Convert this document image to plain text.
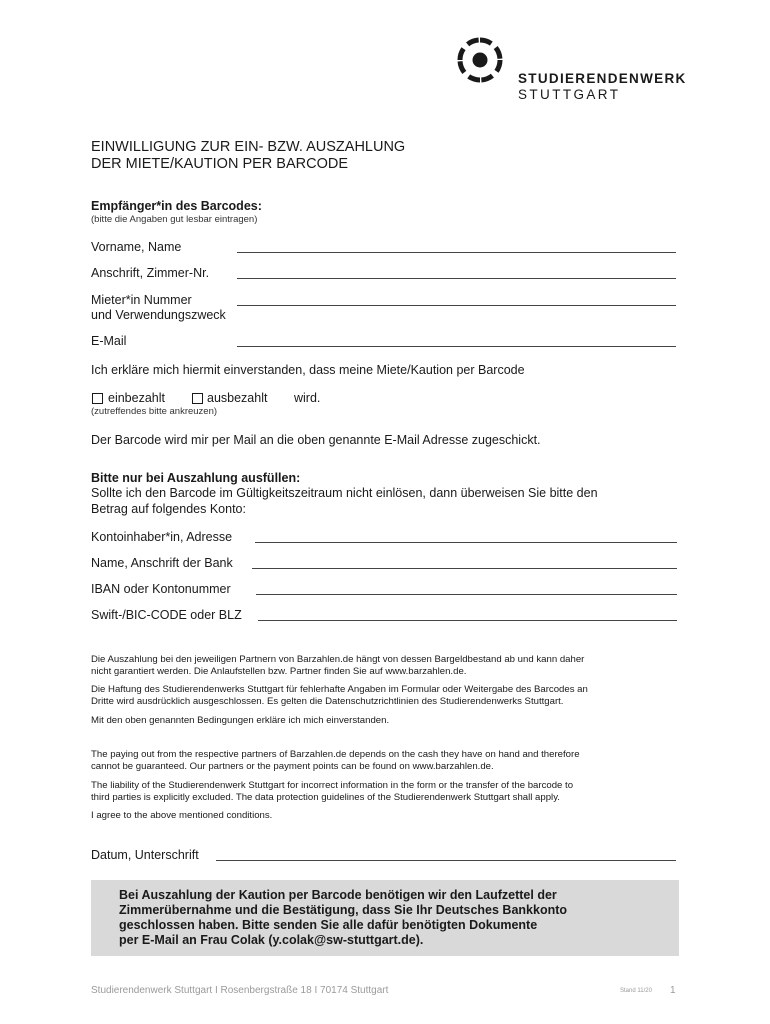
STUDIERENDENWERK
STUTTGART
EINWILLIGUNG ZUR EIN- BZW. AUSZAHLUNG
DER MIETE/KAUTION PER BARCODE
Empfänger*in des Barcodes:
(bitte die Angaben gut lesbar eintragen)
Vorname, Name
Anschrift, Zimmer-Nr.
Mieter*in Nummer
und Verwendungszweck
E-Mail
Ich erkläre mich hiermit einverstanden, dass meine Miete/Kaution per Barcode
einbezahlt	ausbezahlt wird.
(zutreffendes bitte ankreuzen)
Der Barcode wird mir per Mail an die oben genannte E-Mail Adresse zugeschickt.
Bitte nur bei Auszahlung ausfüllen:
Sollte ich den Barcode im Gültigkeitszeitraum nicht einlösen, dann überweisen Sie bitte den
Betrag auf folgendes Konto:
Kontoinhaber*in, Adresse
Name, Anschrift der Bank
IBAN oder Kontonummer
Swift-/BIC-CODE oder BLZ
Die Auszahlung bei den jeweiligen Partnern von Barzahlen.de hängt von dessen Bargeldbestand ab und kann daher
nicht garantiert werden. Die Anlaufstellen bzw. Partner finden Sie auf www.barzahlen.de.
Die Haftung des Studierendenwerks Stuttgart für fehlerhafte Angaben im Formular oder Weitergabe des Barcodes an
Dritte wird ausdrücklich ausgeschlossen. Es gelten die Datenschutzrichtlinien des Studierendenwerks Stuttgart.
Mit den oben genannten Bedingungen erkläre ich mich einverstanden.
The paying out from the respective partners of Barzahlen.de depends on the cash they have on hand and therefore
cannot be guaranteed. Our partners or the payment points can be found on www.barzahlen.de.
The liability of the Studierendenwerk Stuttgart for incorrect information in the form or the transfer of the barcode to
third parties is explicitly excluded. The data protection guidelines of the Studierendenwerk Stuttgart shall apply.
I agree to the above mentioned conditions.
Datum, Unterschrift
Bei Auszahlung der Kaution per Barcode benötigen wir den Laufzettel der
Zimmerübernahme und die Bestätigung, dass Sie Ihr Deutsches Bankkonto
geschlossen haben. Bitte senden Sie alle dafür benötigten Dokumente
per E-Mail an Frau Colak (y.colak@sw-stuttgart.de).
Studierendenwerk Stuttgart I Rosenbergstraße 18 I 70174 Stuttgart	Stand 11/20 1
